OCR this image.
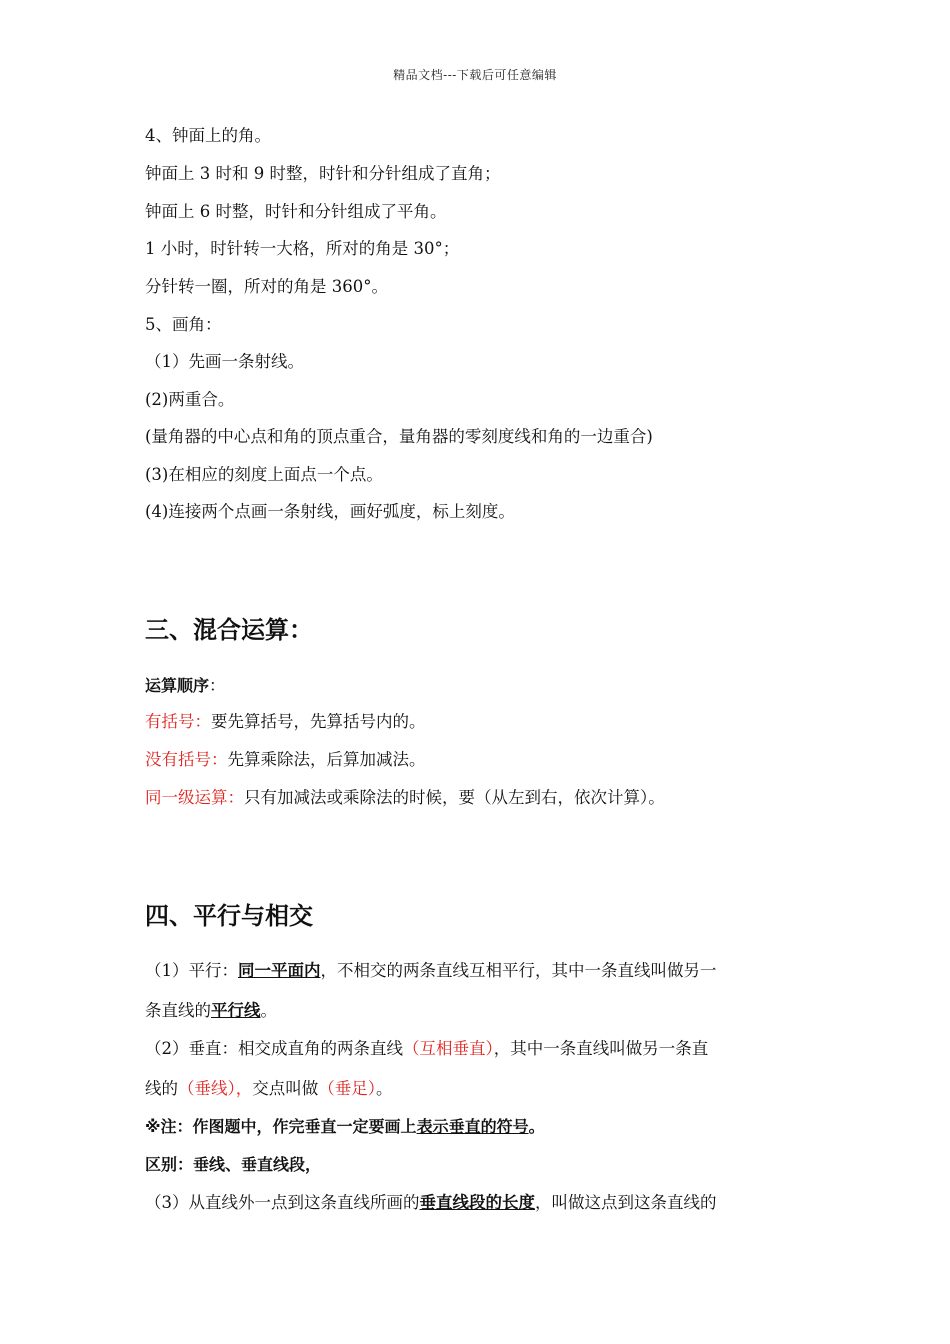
精品文档---下载后可任意编辑
4、钟面上的角。
钟面上 3 时和 9 时整，时针和分针组成了直角；
钟面上 6 时整，时针和分针组成了平角。
1 小时，时针转一大格，所对的角是 30°；
分针转一圈，所对的角是 360°。
5、画角：
（1）先画一条射线。
(2)两重合。
(量角器的中心点和角的顶点重合，量角器的零刻度线和角的一边重合)
(3)在相应的刻度上面点一个点。
(4)连接两个点画一条射线，画好弧度，标上刻度。
三、混合运算：
运算顺序：
有括号：要先算括号，先算括号内的。
没有括号：先算乘除法，后算加减法。
同一级运算：只有加减法或乘除法的时候，要（从左到右，依次计算）。
四、平行与相交
（1）平行：同一平面内，不相交的两条直线互相平行，其中一条直线叫做另一
条直线的平行线。
（2）垂直：相交成直角的两条直线（互相垂直），其中一条直线叫做另一条直
线的（垂线），交点叫做（垂足）。
※注：作图题中，作完垂直一定要画上表示垂直的符号。
区别：垂线、垂直线段，
（3）从直线外一点到这条直线所画的垂直线段的长度，叫做这点到这条直线的
